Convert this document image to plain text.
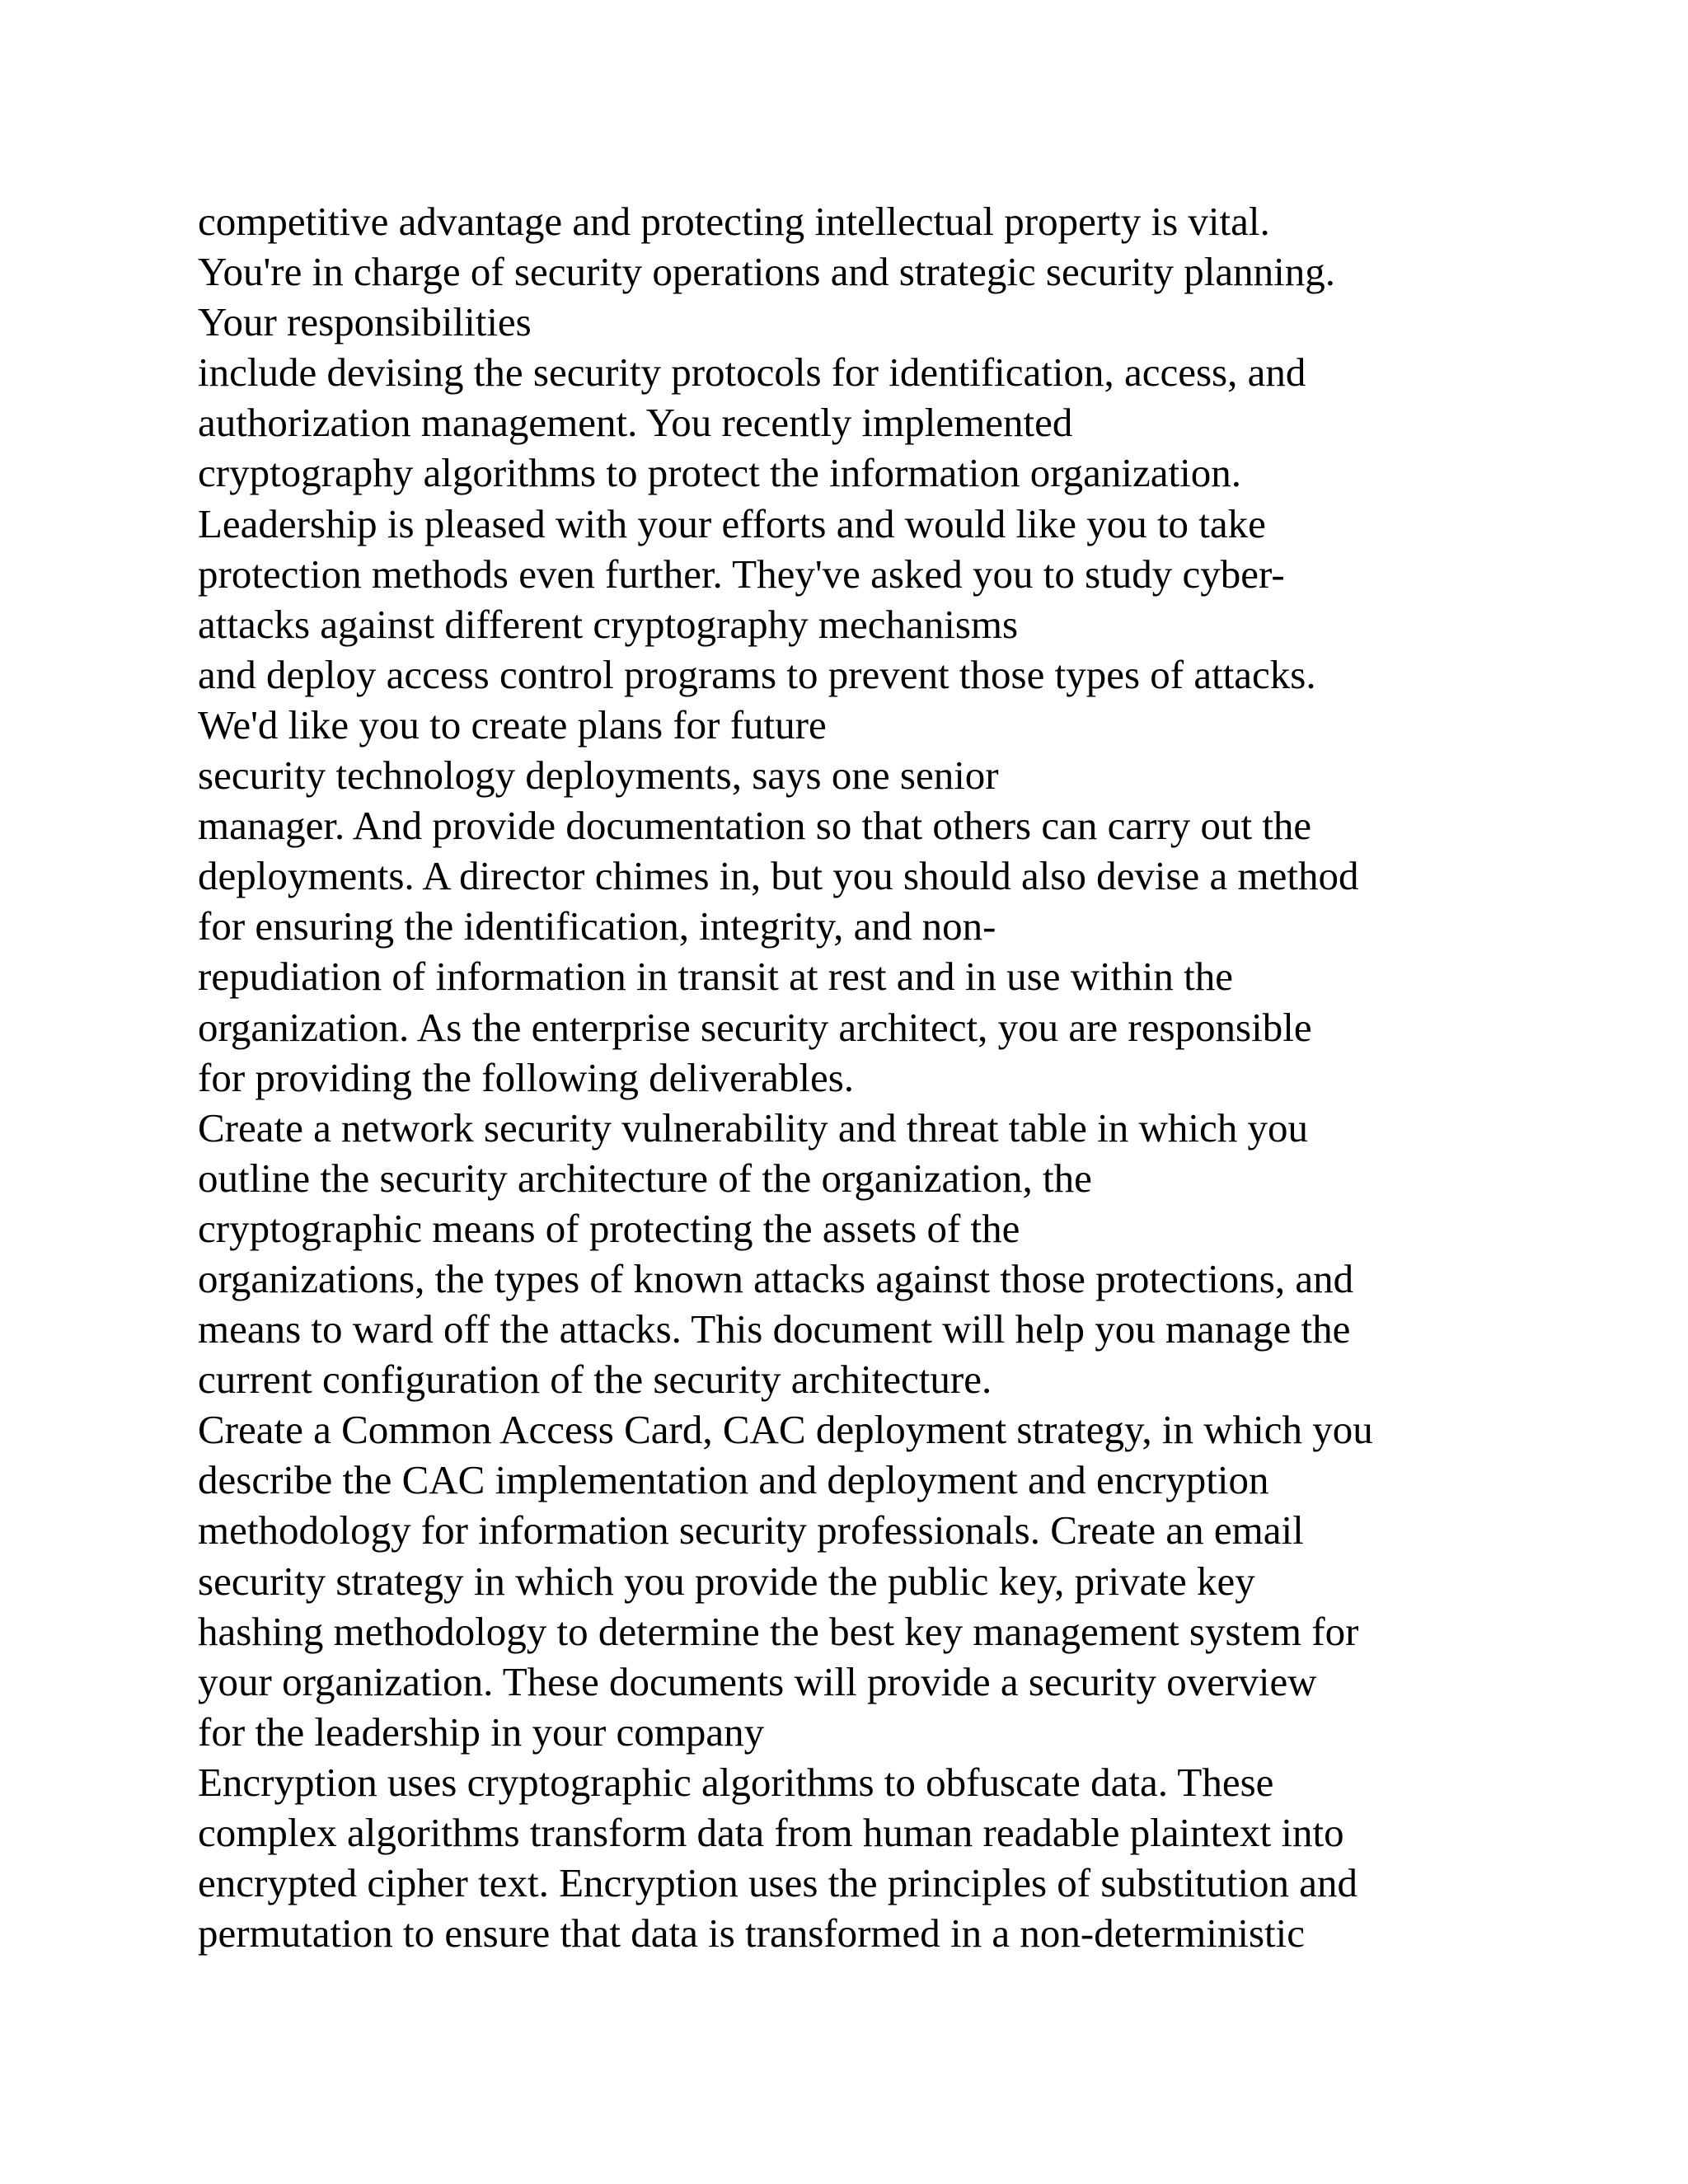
competitive advantage and protecting intellectual property is vital.
You're in charge of security operations and strategic security planning.
Your responsibilities
include devising the security protocols for identification, access, and
authorization management. You recently implemented
cryptography algorithms to protect the information organization.
Leadership is pleased with your efforts and would like you to take
protection methods even further. They've asked you to study cyber-
attacks against different cryptography mechanisms
and deploy access control programs to prevent those types of attacks.
We'd like you to create plans for future
security technology deployments, says one senior
manager. And provide documentation so that others can carry out the
deployments. A director chimes in, but you should also devise a method
for ensuring the identification, integrity, and non-
repudiation of information in transit at rest and in use within the
organization. As the enterprise security architect, you are responsible
for providing the following deliverables.
Create a network security vulnerability and threat table in which you
outline the security architecture of the organization, the
cryptographic means of protecting the assets of the
organizations, the types of known attacks against those protections, and
means to ward off the attacks. This document will help you manage the
current configuration of the security architecture.
Create a Common Access Card, CAC deployment strategy, in which you
describe the CAC implementation and deployment and encryption
methodology for information security professionals. Create an email
security strategy in which you provide the public key, private key
hashing methodology to determine the best key management system for
your organization. These documents will provide a security overview
for the leadership in your company
Encryption uses cryptographic algorithms to obfuscate data. These
complex algorithms transform data from human readable plaintext into
encrypted cipher text. Encryption uses the principles of substitution and
permutation to ensure that data is transformed in a non-deterministic
